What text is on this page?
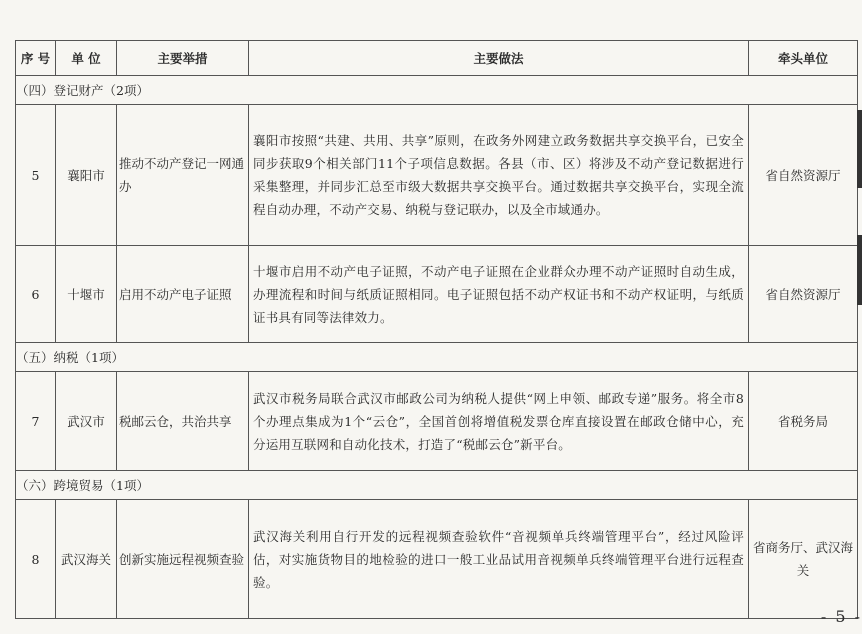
序 号	单 位	主要举措	主要做法	牵头单位
（四）登记财产（2项）				
5	襄阳市	推动不动产登记一网通办	襄阳市按照“共建、共用、共享”原则，在政务外网建立政务数据共享交换平台，已安全同步获取9个相关部门11个子项信息数据。各县（市、区）将涉及不动产登记数据进行采集整理，并同步汇总至市级大数据共享交换平台。通过数据共享交换平台，实现全流程自动办理，不动产交易、纳税与登记联办，以及全市域通办。	省自然资源厅
6	十堰市	启用不动产电子证照	十堰市启用不动产电子证照，不动产电子证照在企业群众办理不动产证照时自动生成，办理流程和时间与纸质证照相同。电子证照包括不动产权证书和不动产权证明，与纸质证书具有同等法律效力。	省自然资源厅
（五）纳税（1项）				
7	武汉市	税邮云仓，共治共享	武汉市税务局联合武汉市邮政公司为纳税人提供“网上申领、邮政专递”服务。将全市8个办理点集成为1个“云仓”，全国首创将增值税发票仓库直接设置在邮政仓储中心，充分运用互联网和自动化技术，打造了“税邮云仓”新平台。	省税务局
（六）跨境贸易（1项）				
8	武汉海关	创新实施远程视频查验	武汉海关利用自行开发的远程视频查验软件“音视频单兵终端管理平台”，经过风险评估，对实施货物目的地检验的进口一般工业品试用音视频单兵终端管理平台进行远程查验。	省商务厅、武汉海关
- 5 -
